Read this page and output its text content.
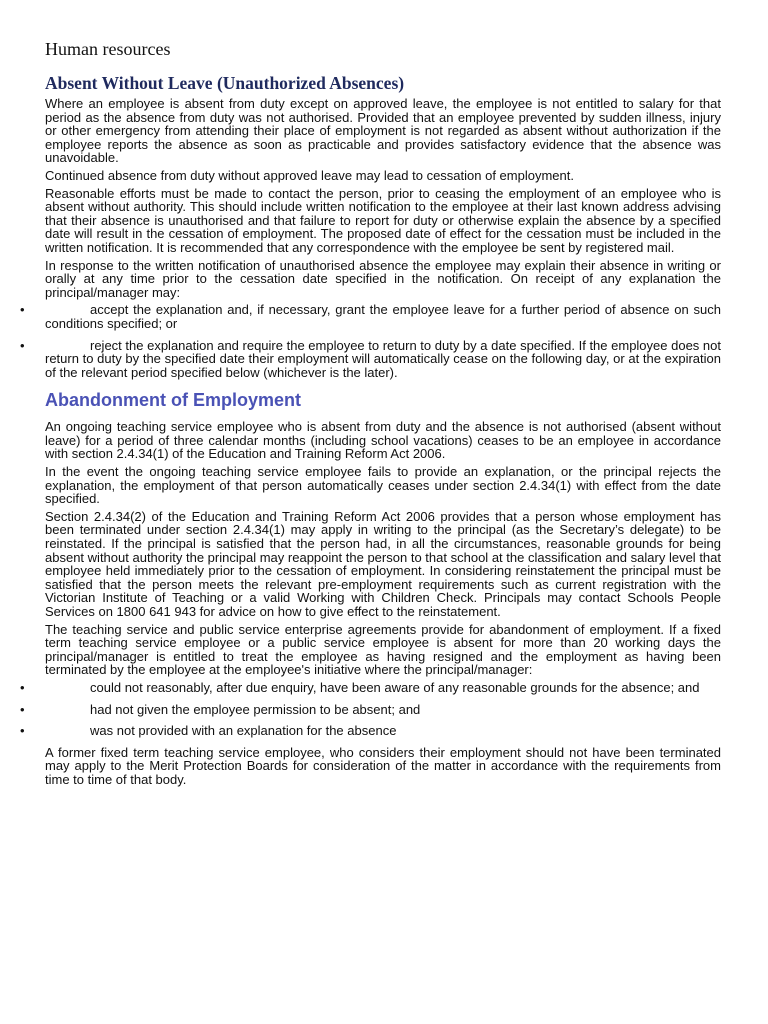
Human resources
Absent Without Leave (Unauthorized Absences)

Where an employee is absent from duty except on approved leave, the employee is not entitled to salary for that period as the absence from duty was not authorised. Provided that an employee prevented by sudden illness, injury or other emergency from attending their place of employment is not regarded as absent without authorization if the employee reports the absence as soon as practicable and provides satisfactory evidence that the absence was unavoidable.

Continued absence from duty without approved leave may lead to cessation of employment.

Reasonable efforts must be made to contact the person, prior to ceasing the employment of an employee who is absent without authority. This should include written notification to the employee at their last known address advising that their absence is unauthorised and that failure to report for duty or otherwise explain the absence by a specified date will result in the cessation of employment. The proposed date of effect for the cessation must be included in the written notification. It is recommended that any correspondence with the employee be sent by registered mail.

In response to the written notification of unauthorised absence the employee may explain their absence in writing or orally at any time prior to the cessation date specified in the notification. On receipt of any explanation the principal/manager may:

•	accept the explanation and, if necessary, grant the employee leave for a further period of absence on such conditions specified; or
•	reject the explanation and require the employee to return to duty by a date specified. If the employee does not return to duty by the specified date their employment will automatically cease on the following day, or at the expiration of the relevant period specified below (whichever is the later).
Abandonment of Employment

An ongoing teaching service employee who is absent from duty and the absence is not authorised (absent without leave) for a period of three calendar months (including school vacations) ceases to be an employee in accordance with section 2.4.34(1) of the Education and Training Reform Act 2006.

In the event the ongoing teaching service employee fails to provide an explanation, or the principal rejects the explanation, the employment of that person automatically ceases under section 2.4.34(1) with effect from the date specified.

Section 2.4.34(2) of the Education and Training Reform Act 2006 provides that a person whose employment has been terminated under section 2.4.34(1) may apply in writing to the principal (as the Secretary’s delegate) to be reinstated. If the principal is satisfied that the person had, in all the circumstances, reasonable grounds for being absent without authority the principal may reappoint the person to that school at the classification and salary level that employee held immediately prior to the cessation of employment. In considering reinstatement the principal must be satisfied that the person meets the relevant pre-employment requirements such as current registration with the Victorian Institute of Teaching or a valid Working with Children Check. Principals may contact Schools People Services on 1800 641 943 for advice on how to give effect to the reinstatement.

The teaching service and public service enterprise agreements provide for abandonment of employment. If a fixed term teaching service employee or a public service employee is absent for more than 20 working days the principal/manager is entitled to treat the employee as having resigned and the employment as having been terminated by the employee at the employee's initiative where the principal/manager:

•	could not reasonably, after due enquiry, have been aware of any reasonable grounds for the absence; and
•	had not given the employee permission to be absent; and
•	was not provided with an explanation for the absence

A former fixed term teaching service employee, who considers their employment should not have been terminated may apply to the Merit Protection Boards for consideration of the matter in accordance with the requirements from time to time of that body.
